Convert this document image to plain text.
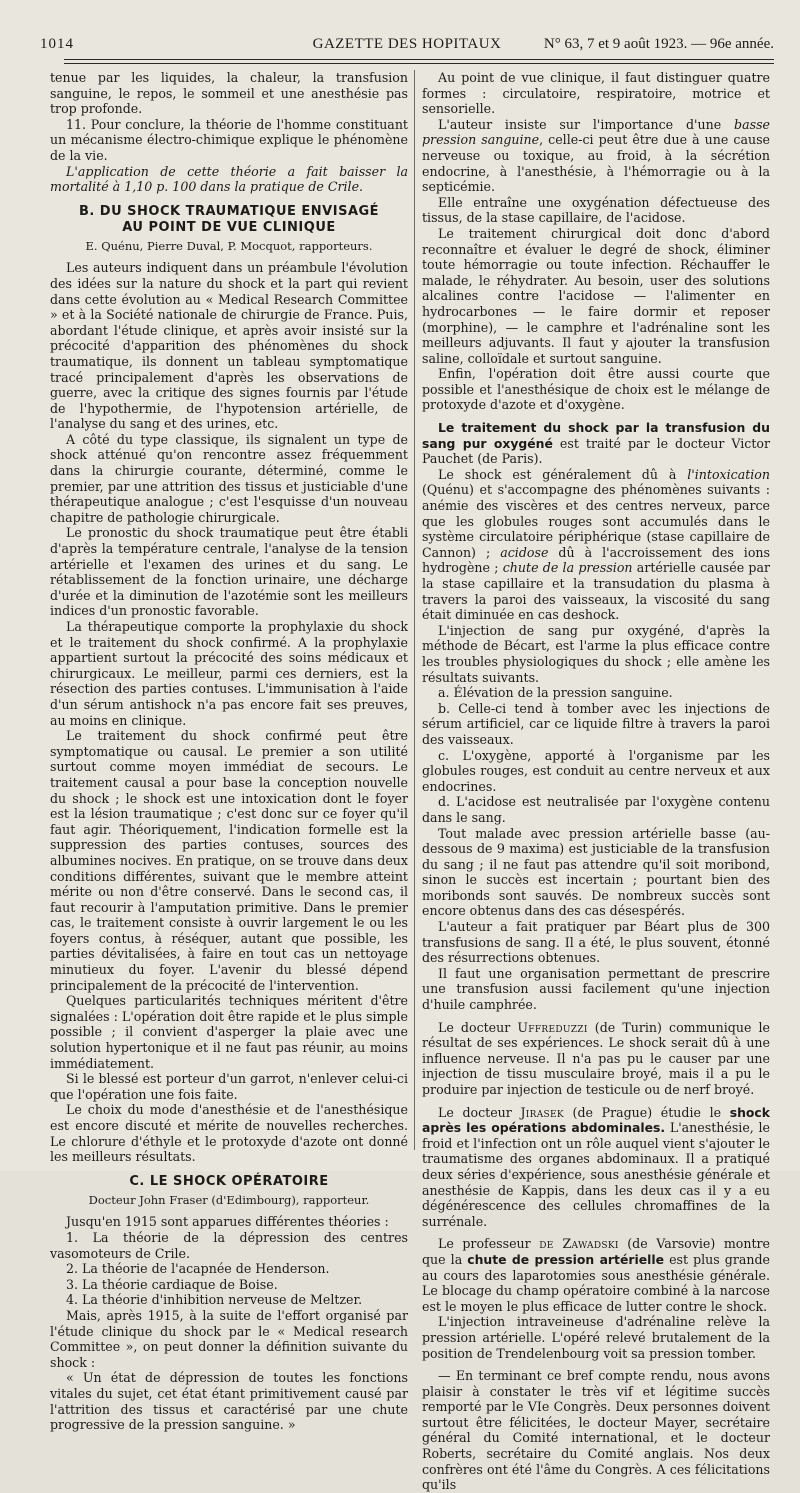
1014	GAZETTE DES HOPITAUX	N° 63, 7 et 9 août 1923. — 96e année.

tenue par les liquides, la chaleur, la transfusion sanguine, le repos, le sommeil et une anesthésie pas trop profonde.

11. Pour conclure, la théorie de l'homme constituant un mécanisme électro-chimique explique le phénomène de la vie.

L'application de cette théorie a fait baisser la mortalité à 1,10 p. 100 dans la pratique de Crile.

B. DU SHOCK TRAUMATIQUE ENVISAGÉ
AU POINT DE VUE CLINIQUE
E. Quénu, Pierre Duval, P. Mocquot, rapporteurs.

Les auteurs indiquent dans un préambule l'évolution des idées sur la nature du shock et la part qui revient dans cette évolution au « Medical Research Committee » et à la Société nationale de chirurgie de France. Puis, abordant l'étude clinique, et après avoir insisté sur la précocité d'apparition des phénomènes du shock traumatique, ils donnent un tableau symptomatique tracé principalement d'après les observations de guerre, avec la critique des signes fournis par l'étude de l'hypothermie, de l'hypotension artérielle, de l'analyse du sang et des urines, etc.

A côté du type classique, ils signalent un type de shock atténué qu'on rencontre assez fréquemment dans la chirurgie courante, déterminé, comme le premier, par une attrition des tissus et justiciable d'une thérapeutique analogue ; c'est l'esquisse d'un nouveau chapitre de pathologie chirurgicale.

Le pronostic du shock traumatique peut être établi d'après la température centrale, l'analyse de la tension artérielle et l'examen des urines et du sang. Le rétablissement de la fonction urinaire, une décharge d'urée et la diminution de l'azotémie sont les meilleurs indices d'un pronostic favorable.

La thérapeutique comporte la prophylaxie du shock et le traitement du shock confirmé. A la prophylaxie appartient surtout la précocité des soins médicaux et chirurgicaux. Le meilleur, parmi ces derniers, est la résection des parties contuses. L'immunisation à l'aide d'un sérum antishock n'a pas encore fait ses preuves, au moins en clinique.

Le traitement du shock confirmé peut être symptomatique ou causal. Le premier a son utilité surtout comme moyen immédiat de secours. Le traitement causal a pour base la conception nouvelle du shock ; le shock est une intoxication dont le foyer est la lésion traumatique ; c'est donc sur ce foyer qu'il faut agir. Théoriquement, l'indication formelle est la suppression des parties contuses, sources des albumines nocives. En pratique, on se trouve dans deux conditions différentes, suivant que le membre atteint mérite ou non d'être conservé. Dans le second cas, il faut recourir à l'amputation primitive. Dans le premier cas, le traitement consiste à ouvrir largement le ou les foyers contus, à réséquer, autant que possible, les parties dévitalisées, à faire en tout cas un nettoyage minutieux du foyer. L'avenir du blessé dépend principalement de la précocité de l'intervention.

Quelques particularités techniques méritent d'être signalées : L'opération doit être rapide et le plus simple possible ; il convient d'asperger la plaie avec une solution hypertonique et il ne faut pas réunir, au moins immédiatement.

Si le blessé est porteur d'un garrot, n'enlever celui-ci que l'opération une fois faite.

Le choix du mode d'anesthésie et de l'anesthésique est encore discuté et mérite de nouvelles recherches. Le chlorure d'éthyle et le protoxyde d'azote ont donné les meilleurs résultats.

C. LE SHOCK OPÉRATOIRE
Docteur John Fraser (d'Edimbourg), rapporteur.

Jusqu'en 1915 sont apparues différentes théories :

1. La théorie de la dépression des centres vasomoteurs de Crile.

2. La théorie de l'acapnée de Henderson.

3. La théorie cardiaque de Boise.

4. La théorie d'inhibition nerveuse de Meltzer.

Mais, après 1915, à la suite de l'effort organisé par l'étude clinique du shock par le « Medical research Committee », on peut donner la définition suivante du shock :

« Un état de dépression de toutes les fonctions vitales du sujet, cet état étant primitivement causé par l'attrition des tissus et caractérisé par une chute progressive de la pression sanguine. »

Au point de vue clinique, il faut distinguer quatre formes : circulatoire, respiratoire, motrice et sensorielle.

L'auteur insiste sur l'importance d'une basse pression sanguine, celle-ci peut être due à une cause nerveuse ou toxique, au froid, à la sécrétion endocrine, à l'anesthésie, à l'hémorragie ou à la septicémie.

Elle entraîne une oxygénation défectueuse des tissus, de la stase capillaire, de l'acidose.

Le traitement chirurgical doit donc d'abord reconnaître et évaluer le degré de shock, éliminer toute hémorragie ou toute infection. Réchauffer le malade, le réhydrater. Au besoin, user des solutions alcalines contre l'acidose — l'alimenter en hydrocarbones — le faire dormir et reposer (morphine), — le camphre et l'adrénaline sont les meilleurs adjuvants. Il faut y ajouter la transfusion saline, colloïdale et surtout sanguine.

Enfin, l'opération doit être aussi courte que possible et l'anesthésique de choix est le mélange de protoxyde d'azote et d'oxygène.

Le traitement du shock par la transfusion du sang pur oxygéné est traité par le docteur Victor Pauchet (de Paris).

Le shock est généralement dû à l'intoxication (Quénu) et s'accompagne des phénomènes suivants : anémie des viscères et des centres nerveux, parce que les globules rouges sont accumulés dans le système circulatoire périphérique (stase capillaire de Cannon) ; acidose dû à l'accroissement des ions hydrogène ; chute de la pression artérielle causée par la stase capillaire et la transudation du plasma à travers la paroi des vaisseaux, la viscosité du sang était diminuée en cas deshock.

L'injection de sang pur oxygéné, d'après la méthode de Bécart, est l'arme la plus efficace contre les troubles physiologiques du shock ; elle amène les résultats suivants.

a. Élévation de la pression sanguine.

b. Celle-ci tend à tomber avec les injections de sérum artificiel, car ce liquide filtre à travers la paroi des vaisseaux.

c. L'oxygène, apporté à l'organisme par les globules rouges, est conduit au centre nerveux et aux endocrines.

d. L'acidose est neutralisée par l'oxygène contenu dans le sang.

Tout malade avec pression artérielle basse (au-dessous de 9 maxima) est justiciable de la transfusion du sang ; il ne faut pas attendre qu'il soit moribond, sinon le succès est incertain ; pourtant bien des moribonds sont sauvés. De nombreux succès sont encore obtenus dans des cas désespérés.

L'auteur a fait pratiquer par Béart plus de 300 transfusions de sang. Il a été, le plus souvent, étonné des résurrections obtenues.

Il faut une organisation permettant de prescrire une transfusion aussi facilement qu'une injection d'huile camphrée.

Le docteur Uffreduzzi (de Turin) communique le résultat de ses expériences. Le shock serait dû à une influence nerveuse. Il n'a pas pu le causer par une injection de tissu musculaire broyé, mais il a pu le produire par injection de testicule ou de nerf broyé.

Le docteur Jirasek (de Prague) étudie le shock après les opérations abdominales. L'anesthésie, le froid et l'infection ont un rôle auquel vient s'ajouter le traumatisme des organes abdominaux. Il a pratiqué deux séries d'expérience, sous anesthésie générale et anesthésie de Kappis, dans les deux cas il y a eu dégénérescence des cellules chromaffines de la surrénale.

Le professeur de Zawadski (de Varsovie) montre que la chute de pression artérielle est plus grande au cours des laparotomies sous anesthésie générale. Le blocage du champ opératoire combiné à la narcose est le moyen le plus efficace de lutter contre le shock.

L'injection intraveineuse d'adrénaline relève la pression artérielle. L'opéré relevé brutalement de la position de Trendelenbourg voit sa pression tomber.

— En terminant ce bref compte rendu, nous avons plaisir à constater le très vif et légitime succès remporté par le VIe Congrès. Deux personnes doivent surtout être félicitées, le docteur Mayer, secrétaire général du Comité international, et le docteur Roberts, secrétaire du Comité anglais. Nos deux confrères ont été l'âme du Congrès. A ces félicitations qu'ils
